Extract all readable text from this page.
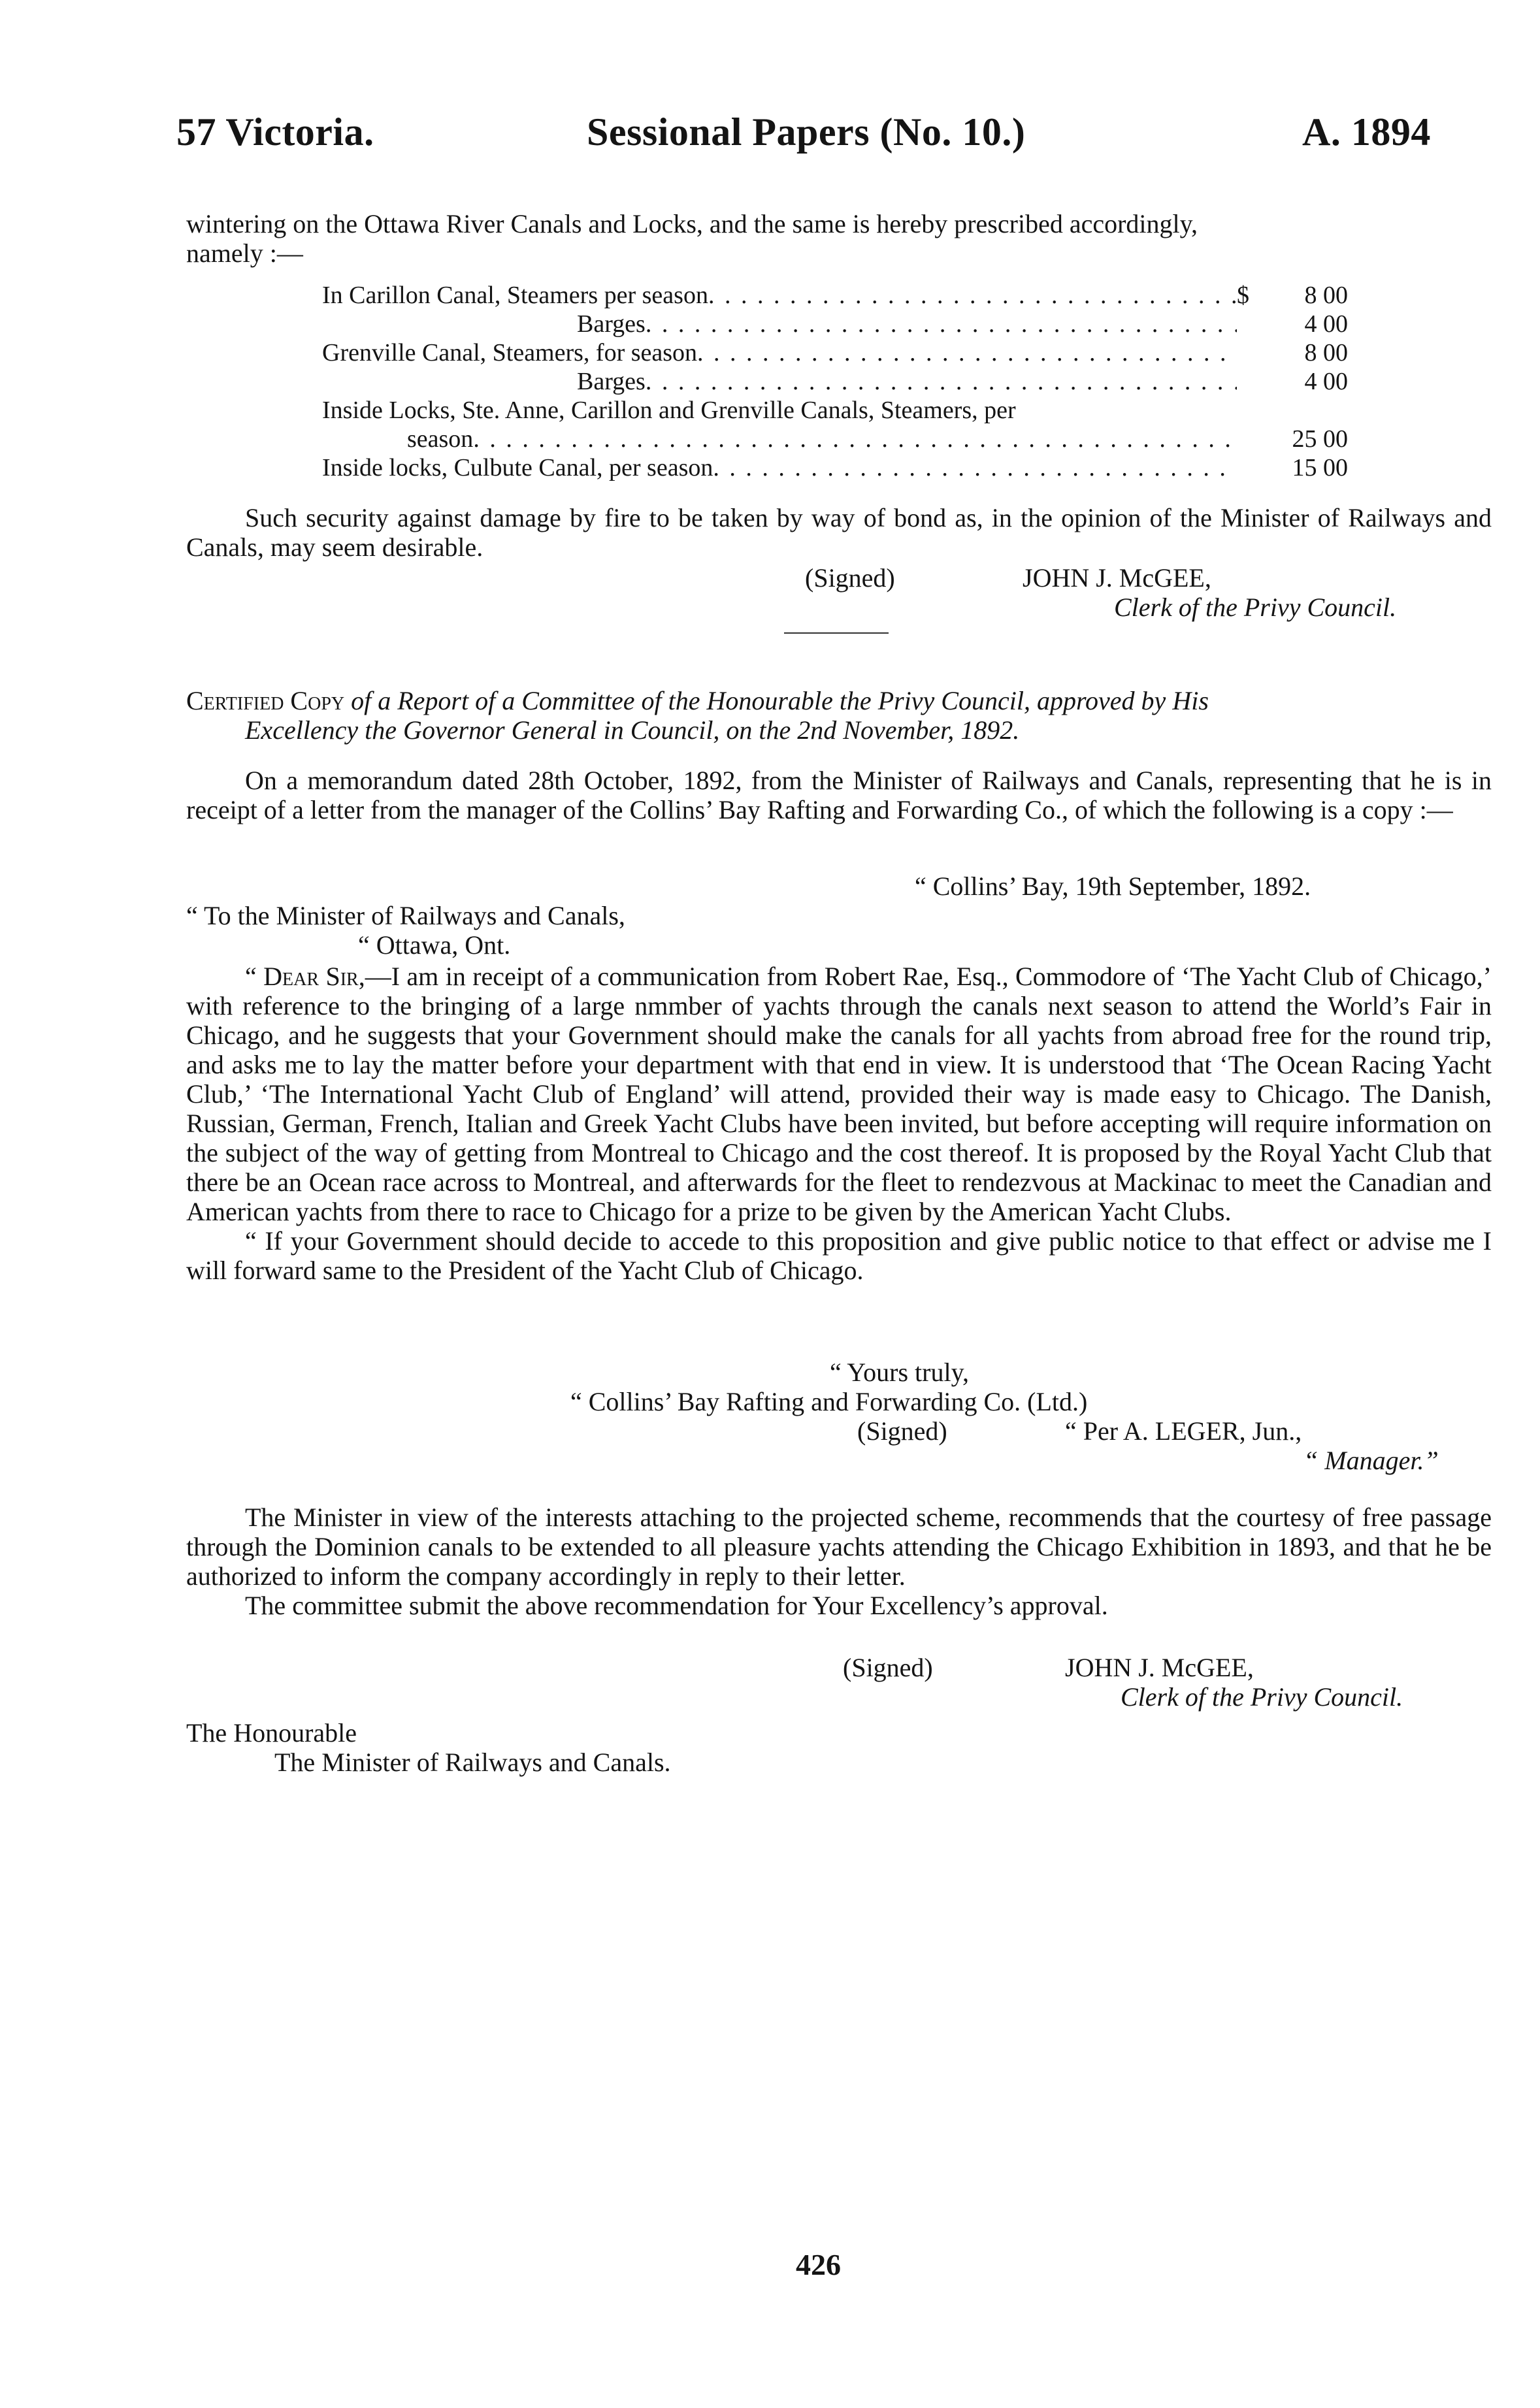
57 Victoria.	Sessional Papers (No. 10.)	A. 1894
wintering on the Ottawa River Canals and Locks, and the same is hereby prescribed accordingly,
namely :—
In Carillon Canal, Steamers per season . . .	$	8 00
Barges . . .	4 00
Grenville Canal, Steamers, for season . . .	8 00
Barges . . .	4 00
Inside Locks, Ste. Anne, Carillon and Grenville Canals, Steamers, per
season . . .	25 00
Inside locks, Culbute Canal, per season . . .	15 00

Such security against damage by fire to be taken by way of bond as, in the opinion of the Minister of Railways and Canals, may seem desirable.

(Signed)	JOHN J. McGEE,
Clerk of the Privy Council.
Certified Copy of a Report of a Committee of the Honourable the Privy Council, approved by His
Excellency the Governor General in Council, on the 2nd November, 1892.

On a memorandum dated 28th October, 1892, from the Minister of Railways and Canals, representing that he is in receipt of a letter from the manager of the Collins’ Bay Rafting and Forwarding Co., of which the following is a copy :—

“ Collins’ Bay, 19th September, 1892.
“ To the Minister of Railways and Canals,
“ Ottawa, Ont.

“ Dear Sir,—I am in receipt of a communication from Robert Rae, Esq., Commodore of ‘The Yacht Club of Chicago,’ with reference to the bringing of a large nmmber of yachts through the canals next season to attend the World’s Fair in Chicago, and he suggests that your Government should make the canals for all yachts from abroad free for the round trip, and asks me to lay the matter before your department with that end in view. It is understood that ‘The Ocean Racing Yacht Club,’ ‘The International Yacht Club of England’ will attend, provided their way is made easy to Chicago. The Danish, Russian, German, French, Italian and Greek Yacht Clubs have been invited, but before accepting will require information on the subject of the way of getting from Montreal to Chicago and the cost thereof. It is proposed by the Royal Yacht Club that there be an Ocean race across to Montreal, and afterwards for the fleet to rendezvous at Mackinac to meet the Canadian and American yachts from there to race to Chicago for a prize to be given by the American Yacht Clubs.

“ If your Government should decide to accede to this proposition and give public notice to that effect or advise me I will forward same to the President of the Yacht Club of Chicago.

“ Yours truly,
“ Collins’ Bay Rafting and Forwarding Co. (Ltd.)
(Signed)	“ Per A. LEGER, Jun.,
“ Manager.”

The Minister in view of the interests attaching to the projected scheme, recommends that the courtesy of free passage through the Dominion canals to be extended to all pleasure yachts attending the Chicago Exhibition in 1893, and that he be authorized to inform the company accordingly in reply to their letter.

The committee submit the above recommendation for Your Excellency’s approval.

(Signed)	JOHN J. McGEE,
Clerk of the Privy Council.
The Honourable
The Minister of Railways and Canals.
426
